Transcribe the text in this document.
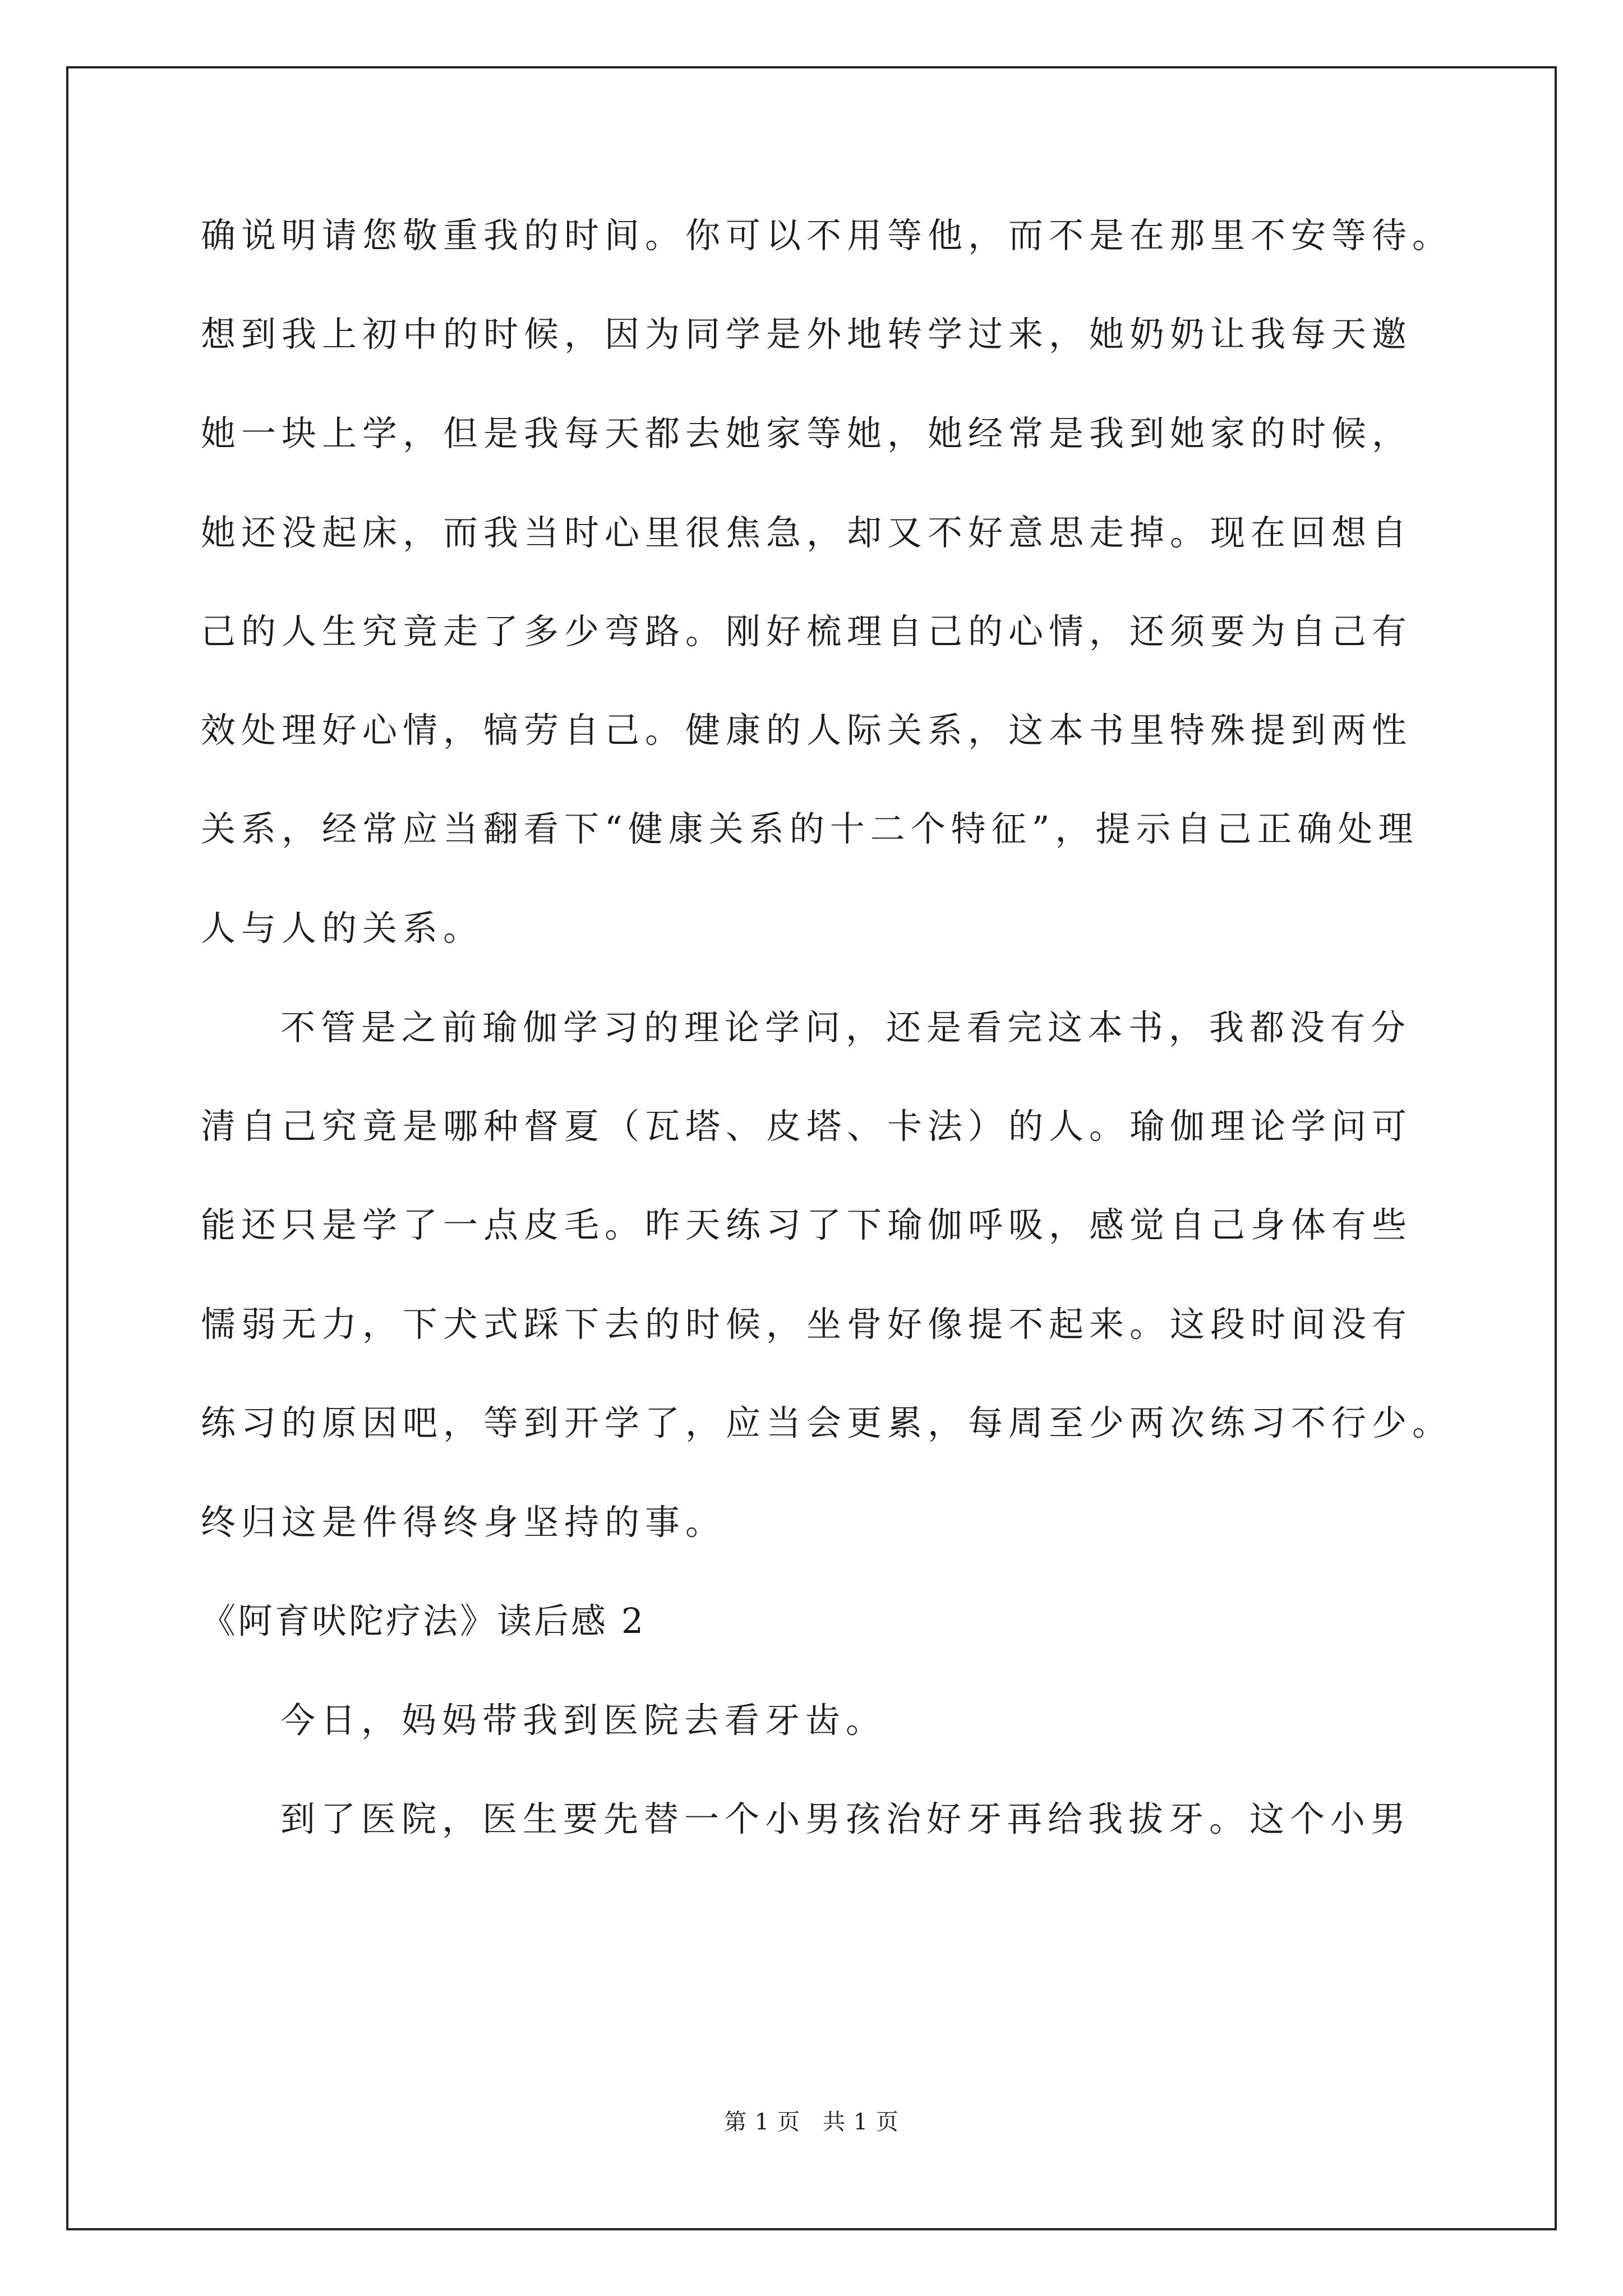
确说明请您敬重我的时间。你可以不用等他，而不是在那里不安等待。
想到我上初中的时候，因为同学是外地转学过来，她奶奶让我每天邀
她一块上学，但是我每天都去她家等她，她经常是我到她家的时候，
她还没起床，而我当时心里很焦急，却又不好意思走掉。现在回想自
己的人生究竟走了多少弯路。刚好梳理自己的心情，还须要为自己有
效处理好心情，犒劳自己。健康的人际关系，这本书里特殊提到两性
关系，经常应当翻看下“健康关系的十二个特征”，提示自己正确处理
人与人的关系。
不管是之前瑜伽学习的理论学问，还是看完这本书，我都没有分
清自己究竟是哪种督夏（瓦塔、皮塔、卡法）的人。瑜伽理论学问可
能还只是学了一点皮毛。昨天练习了下瑜伽呼吸，感觉自己身体有些
懦弱无力，下犬式踩下去的时候，坐骨好像提不起来。这段时间没有
练习的原因吧，等到开学了，应当会更累，每周至少两次练习不行少。
终归这是件得终身坚持的事。
《阿育吠陀疗法》读后感 2
今日，妈妈带我到医院去看牙齿。
到了医院，医生要先替一个小男孩治好牙再给我拔牙。这个小男
第 1 页 共 1 页
